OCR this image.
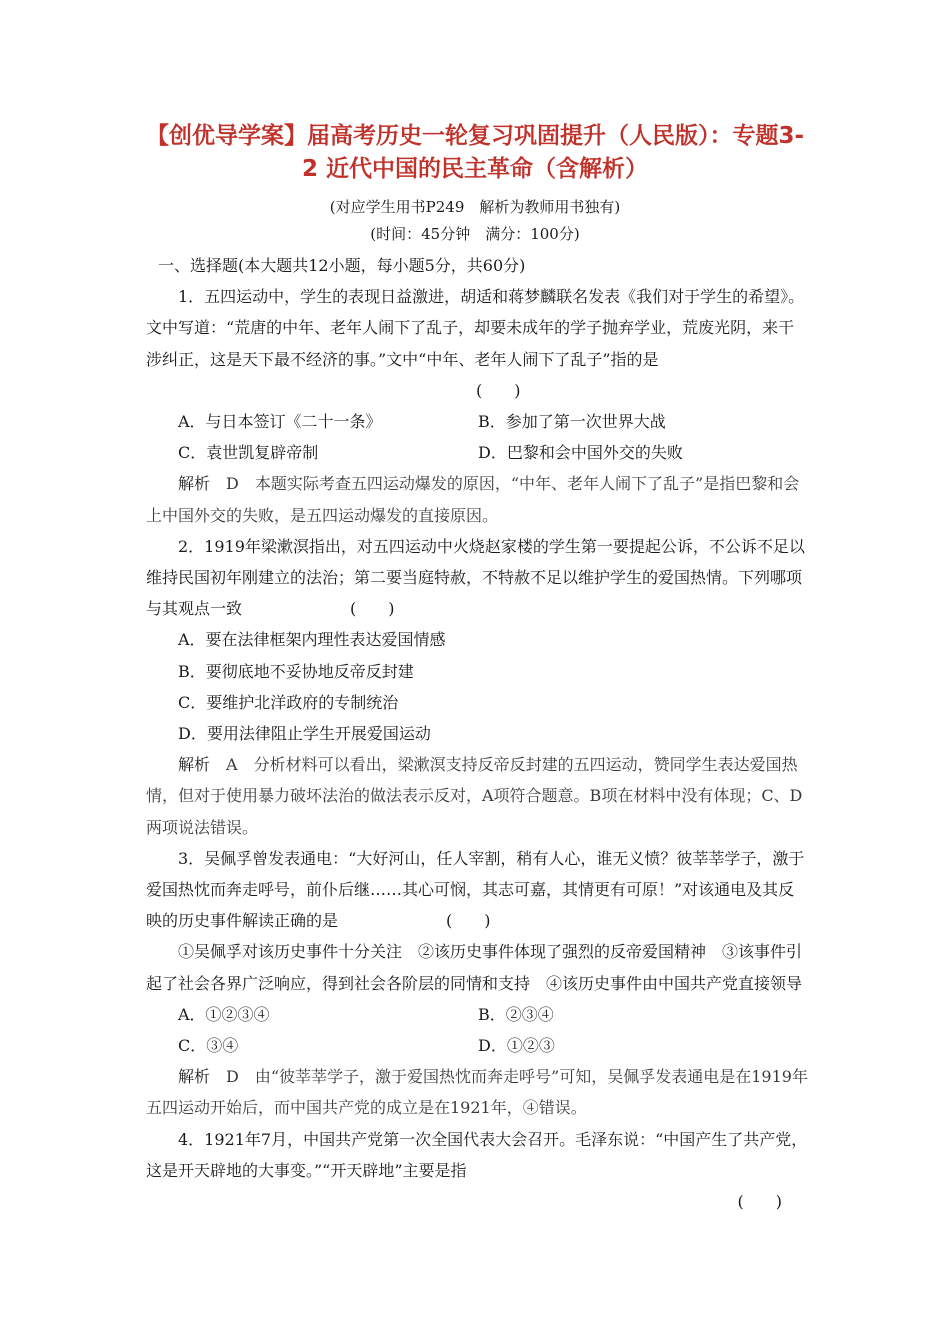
【创优导学案】届高考历史一轮复习巩固提升（人民版）：专题3-2 近代中国的民主革命（含解析）

(对应学生用书P249　解析为教师用书独有)

(时间：45分钟　满分：100分)

一、选择题(本大题共12小题，每小题5分，共60分)

1．五四运动中，学生的表现日益激进，胡适和蒋梦麟联名发表《我们对于学生的希望》。文中写道：“荒唐的中年、老年人闹下了乱子，却要未成年的学子抛弃学业，荒废光阴，来干涉纠正，这是天下最不经济的事。”文中“中年、老年人闹下了乱子”指的是

(　　)

A．与日本签订《二十一条》	B．参加了第一次世界大战
C．袁世凯复辟帝制	D．巴黎和会中国外交的失败

解析　 D　本题实际考查五四运动爆发的原因，“中年、老年人闹下了乱子”是指巴黎和会上中国外交的失败，是五四运动爆发的直接原因。

2．1919年梁漱溟指出，对五四运动中火烧赵家楼的学生第一要提起公诉，不公诉不足以维持民国初年刚建立的法治；第二要当庭特赦，不特赦不足以维护学生的爱国热情。下列哪项与其观点一致	(　　)

A．要在法律框架内理性表达爱国情感

B．要彻底地不妥协地反帝反封建

C．要维护北洋政府的专制统治

D．要用法律阻止学生开展爱国运动

解析　 A　分析材料可以看出，梁漱溟支持反帝反封建的五四运动，赞同学生表达爱国热情，但对于使用暴力破坏法治的做法表示反对，A项符合题意。B项在材料中没有体现；C、D两项说法错误。

3．吴佩孚曾发表通电：“大好河山，任人宰割，稍有人心，谁无义愤？彼莘莘学子，激于爱国热忱而奔走呼号，前仆后继……其心可悯，其志可嘉，其情更有可原！”对该通电及其反映的历史事件解读正确的是	(　　)

①吴佩孚对该历史事件十分关注　②该历史事件体现了强烈的反帝爱国精神　③该事件引起了社会各界广泛响应，得到社会各阶层的同情和支持　④该历史事件由中国共产党直接领导

A．①②③④	B．②③④
C．③④	D．①②③

解析　 D　由“彼莘莘学子，激于爱国热忱而奔走呼号”可知，吴佩孚发表通电是在1919年五四运动开始后，而中国共产党的成立是在1921年，④错误。

4．1921年7月，中国共产党第一次全国代表大会召开。毛泽东说：“中国产生了共产党，这是开天辟地的大事变。”“开天辟地”主要是指

(　　)
